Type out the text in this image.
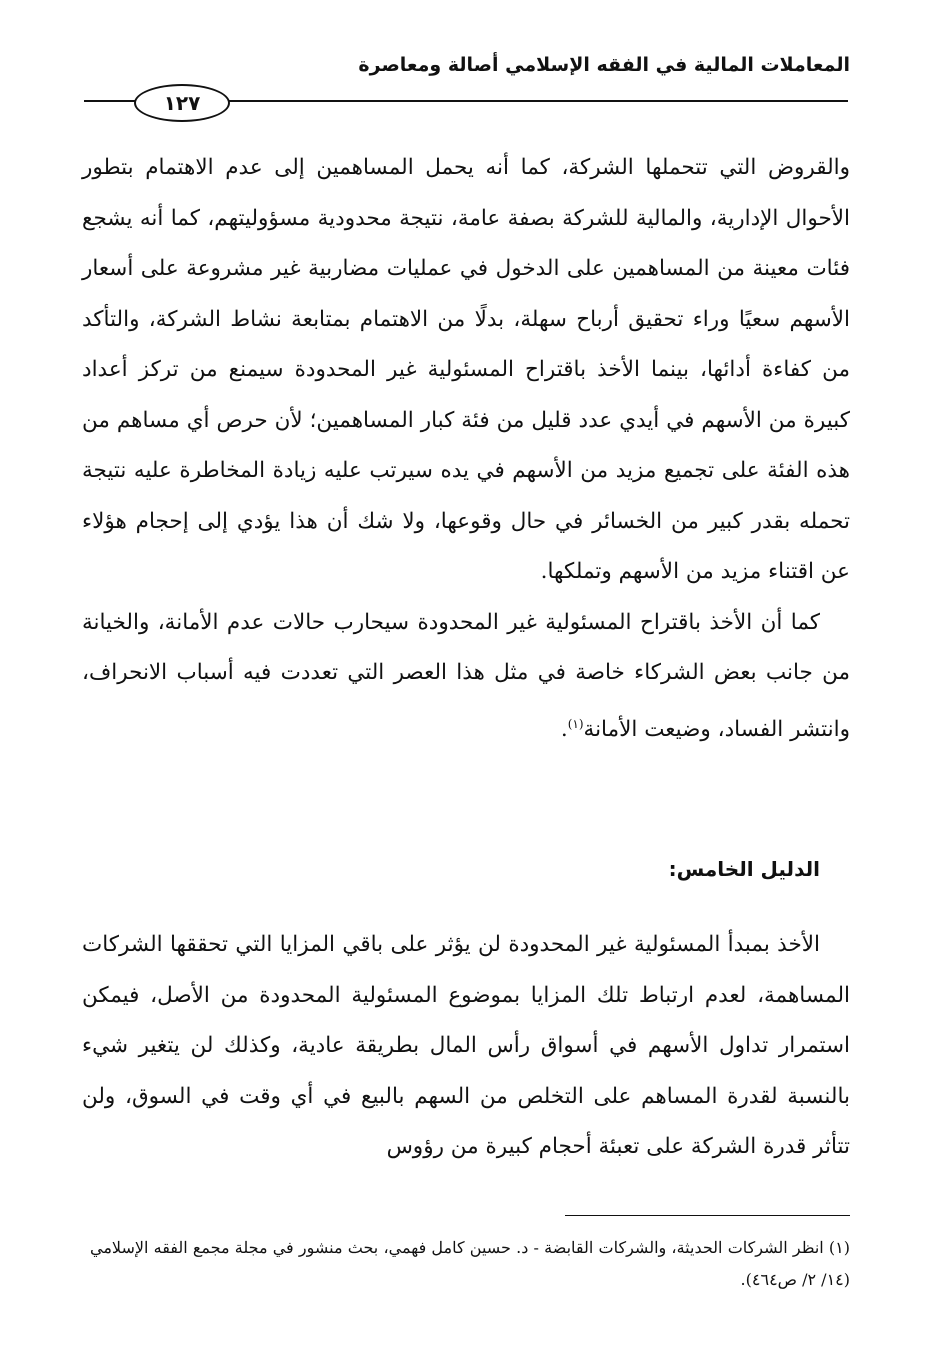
المعاملات المالية في الفقه الإسلامي أصالة ومعاصرة
١٢٧

والقروض التي تتحملها الشركة، كما أنه يحمل المساهمين إلى عدم الاهتمام بتطور الأحوال الإدارية، والمالية للشركة بصفة عامة، نتيجة محدودية مسؤوليتهم، كما أنه يشجع فئات معينة من المساهمين على الدخول في عمليات مضاربية غير مشروعة على أسعار الأسهم سعيًا وراء تحقيق أرباح سهلة، بدلًا من الاهتمام بمتابعة نشاط الشركة، والتأكد من كفاءة أدائها، بينما الأخذ باقتراح المسئولية غير المحدودة سيمنع من تركز أعداد كبيرة من الأسهم في أيدي عدد قليل من فئة كبار المساهمين؛ لأن حرص أي مساهم من هذه الفئة على تجميع مزيد من الأسهم في يده سيرتب عليه زيادة المخاطرة عليه نتيجة تحمله بقدر كبير من الخسائر في حال وقوعها، ولا شك أن هذا يؤدي إلى إحجام هؤلاء عن اقتناء مزيد من الأسهم وتملكها.

كما أن الأخذ باقتراح المسئولية غير المحدودة سيحارب حالات عدم الأمانة، والخيانة من جانب بعض الشركاء خاصة في مثل هذا العصر التي تعددت فيه أسباب الانحراف، وانتشر الفساد، وضيعت الأمانة$^{(١)}$.

الدليل الخامس:

الأخذ بمبدأ المسئولية غير المحدودة لن يؤثر على باقي المزايا التي تحققها الشركات المساهمة، لعدم ارتباط تلك المزايا بموضوع المسئولية المحدودة من الأصل، فيمكن استمرار تداول الأسهم في أسواق رأس المال بطريقة عادية، وكذلك لن يتغير شيء بالنسبة لقدرة المساهم على التخلص من السهم بالبيع في أي وقت في السوق، ولن تتأثر قدرة الشركة على تعبئة أحجام كبيرة من رؤوس

(١) انظر الشركات الحديثة، والشركات القابضة - د. حسين كامل فهمي، بحث منشور في مجلة مجمع الفقه الإسلامي (١٤/ ٢/ ص٤٦٤).
